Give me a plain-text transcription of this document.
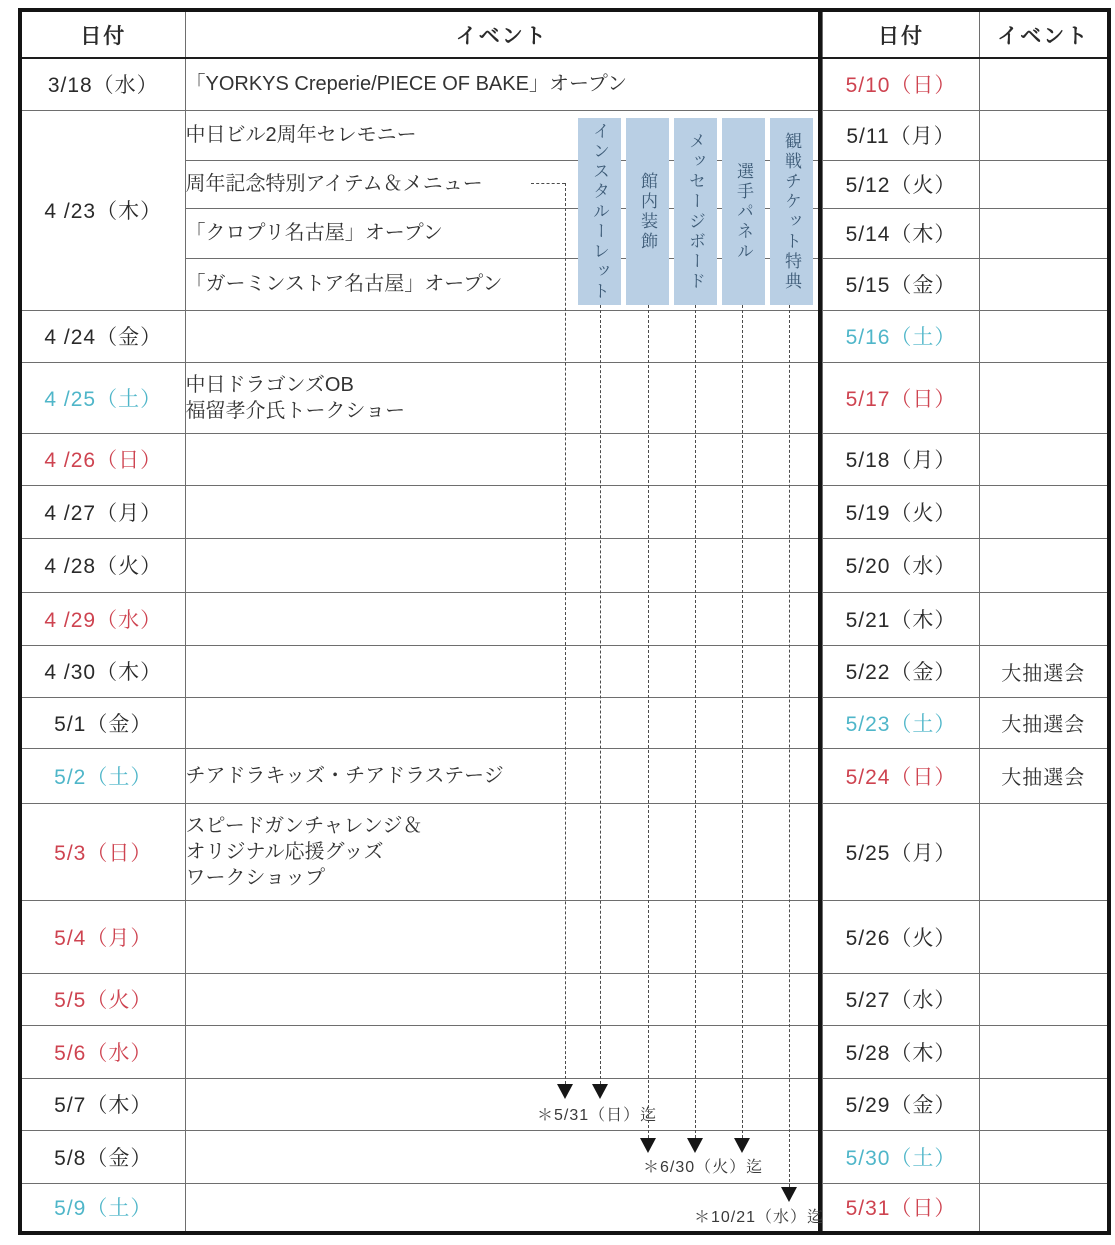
日付	イベント
3/18（水）	「YORKYS Creperie/PIECE OF BAKE」オープン

4 /23（木）	中日ビル2周年セレモニー

	周年記念特別アイテム＆メニュー

	「クロプリ名古屋」オープン

	「ガーミンストア名古屋」オープン

4 /24（金）	
4 /25（土）	中日ドラゴンズOB
福留孝介氏トークショー

4 /26（日）	
4 /27（月）	
4 /28（火）	
4 /29（水）	
4 /30（木）	
5/1（金）	
5/2（土）	チアドラキッズ・チアドラステージ

5/3（日）	スピードガンチャレンジ＆
オリジナル応援グッズ
ワークショップ

5/4（月）	
5/5（火）	
5/6（水）	
5/7（木）	
5/8（金）	
5/9（土）	
日付	イベント
5/10（日）	
5/11（月）	
5/12（火）	
5/14（木）	
5/15（金）	
5/16（土）	
5/17（日）	
5/18（月）	
5/19（火）	
5/20（水）	
5/21（木）	
5/22（金）	大抽選会
5/23（土）	大抽選会
5/24（日）	大抽選会
5/25（月）	
5/26（火）	
5/27（水）	
5/28（木）	
5/29（金）	
5/30（土）	
5/31（日）	
インスタルーレット 館内装飾 メッセージボード 選手パネル 観戦チケット特典
＊5/31（日）迄
＊6/30（火）迄
＊10/21（水）迄
